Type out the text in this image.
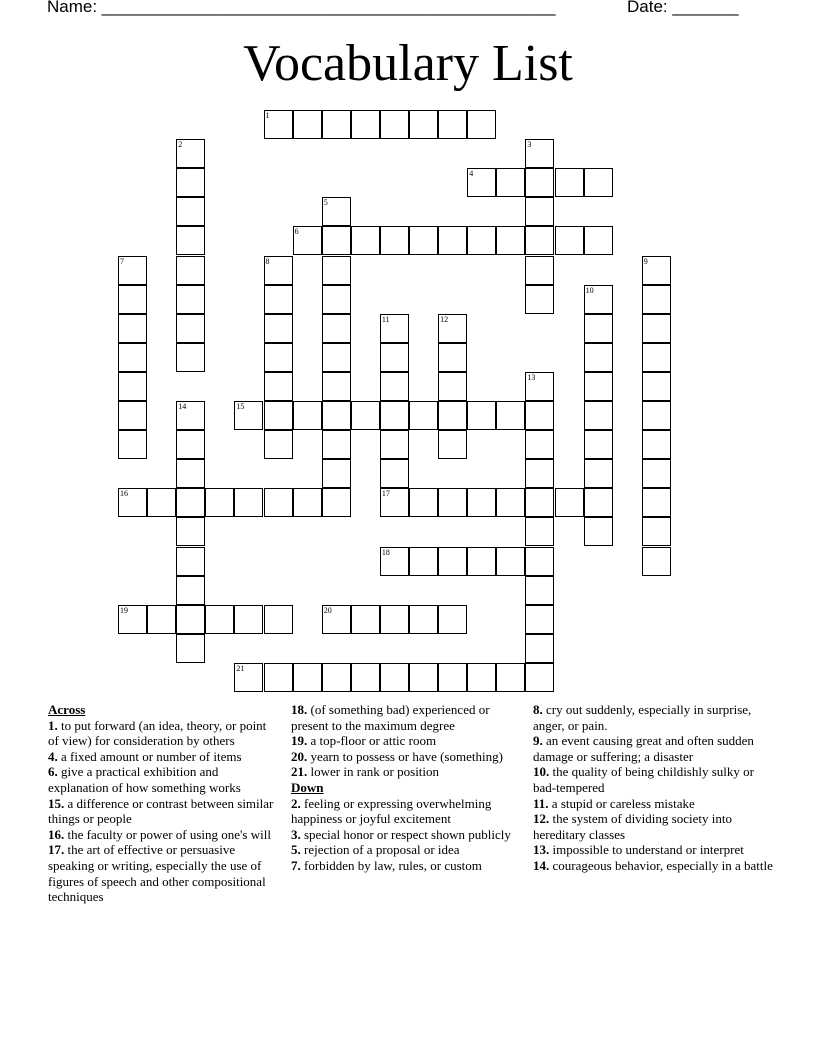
Name: ________________________________________________	Date: _______
Vocabulary List
1
2	3
4
5
6
7	8	9
10
11	12
13
14	15
16	17
18
19	20
21

Across

1. to put forward (an idea, theory, or point of view) for consideration by others

4. a fixed amount or number of items

6. give a practical exhibition and explanation of how something works

15. a difference or contrast between similar things or people

16. the faculty or power of using one's will

17. the art of effective or persuasive speaking or writing, especially the use of figures of speech and other compositional techniques

18. (of something bad) experienced or present to the maximum degree

19. a top-floor or attic room

20. yearn to possess or have (something)

21. lower in rank or position

Down

2. feeling or expressing overwhelming happiness or joyful excitement

3. special honor or respect shown publicly

5. rejection of a proposal or idea

7. forbidden by law, rules, or custom

8. cry out suddenly, especially in surprise, anger, or pain.

9. an event causing great and often sudden damage or suffering; a disaster

10. the quality of being childishly sulky or bad-tempered

11. a stupid or careless mistake

12. the system of dividing society into hereditary classes

13. impossible to understand or interpret

14. courageous behavior, especially in a battle
